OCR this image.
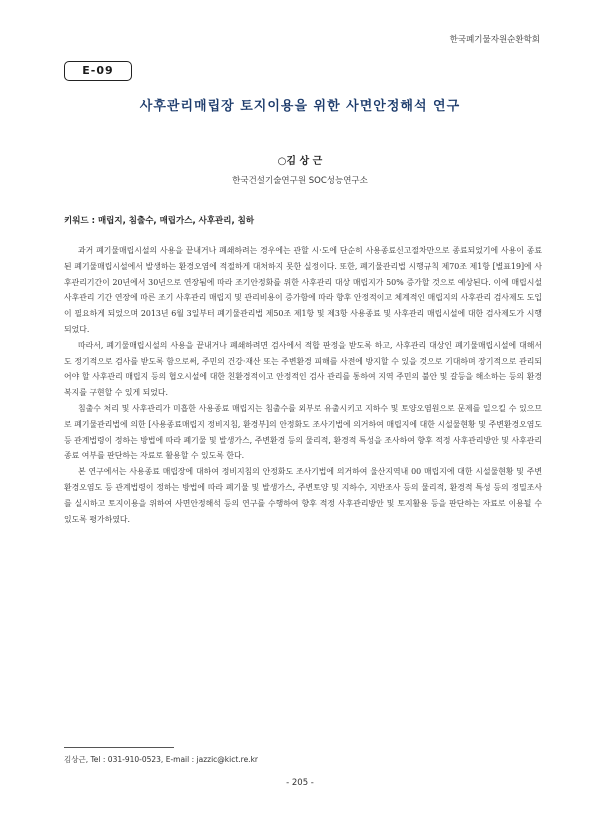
한국폐기물자원순환학회
E-09
사후관리매립장 토지이용을 위한 사면안정해석 연구
○김 상 근
한국건설기술연구원 SOC성능연구소
키워드 : 매립지, 침출수, 매립가스, 사후관리, 침하

과거 폐기물매립시설의 사용을 끝내거나 폐쇄하려는 경우에는 관할 시·도에 단순히 사용종료신고절차만으로 종료되었기에 사용이 종료된 폐기물매립시설에서 발생하는 환경오염에 적절하게 대처하지 못한 실정이다. 또한, 폐기물관리법 시행규칙 제70조 제1항 [별표19]에 사후관리기간이 20년에서 30년으로 연장됨에 따라 조기안정화를 위한 사후관리 대상 매립지가 50% 증가할 것으로 예상된다. 이에 매립시설 사후관리 기간 연장에 따른 조기 사후관리 매립지 및 관리비용이 증가함에 따라 향후 안정적이고 체계적인 매립지의 사후관리 검사제도 도입이 필요하게 되었으며 2013년 6월 3일부터 폐기물관리법 제50조 제1항 및 제3항 사용종료 및 사후관리 매립시설에 대한 검사제도가 시행되었다.

따라서, 폐기물매립시설의 사용을 끝내거나 폐쇄하려면 검사에서 적합 판정을 받도록 하고, 사후관리 대상인 폐기물매립시설에 대해서도 정기적으로 검사를 받도록 함으로써, 주민의 건강·재산 또는 주변환경 피해를 사전에 방지할 수 있을 것으로 기대하며 장기적으로 관리되어야 할 사후관리 매립지 등의 협오시설에 대한 친환경적이고 안정적인 검사 관리를 통하여 지역 주민의 불안 및 갈등을 해소하는 등의 환경복지를 구현할 수 있게 되었다.

침출수 처리 및 사후관리가 미흡한 사용종료 매립지는 침출수를 외부로 유출시키고 지하수 및 토양오염원으로 문제를 일으킬 수 있으므로 폐기물관리법에 의한 [사용종료매립지 정비지침, 환경부]의 안정화도 조사기법에 의거하여 매립지에 대한 시설물현황 및 주변환경오염도 등 관계법령이 정하는 방법에 따라 폐기물 및 발생가스, 주변환경 등의 물리적, 환경적 특성을 조사하여 향후 적정 사후관리방안 및 사후관리종료 여부를 판단하는 자료로 활용할 수 있도록 한다.

본 연구에서는 사용종료 매립장에 대하여 정비지침의 안정화도 조사기법에 의거하여 울산지역내 00 매립지에 대한 시설물현황 및 주변 환경오염도 등 관계법령이 정하는 방법에 따라 폐기물 및 발생가스, 주변토양 및 지하수, 지반조사 등의 물리적, 환경적 특성 등의 정밀조사를 실시하고 토지이용을 위하여 사면안정해석 등의 연구를 수행하여 향후 적정 사후관리방안 및 토지활용 등을 판단하는 자료로 이용될 수 있도록 평가하였다.

김상근, Tel : 031-910-0523, E-mail : jazzic@kict.re.kr
- 205 -
